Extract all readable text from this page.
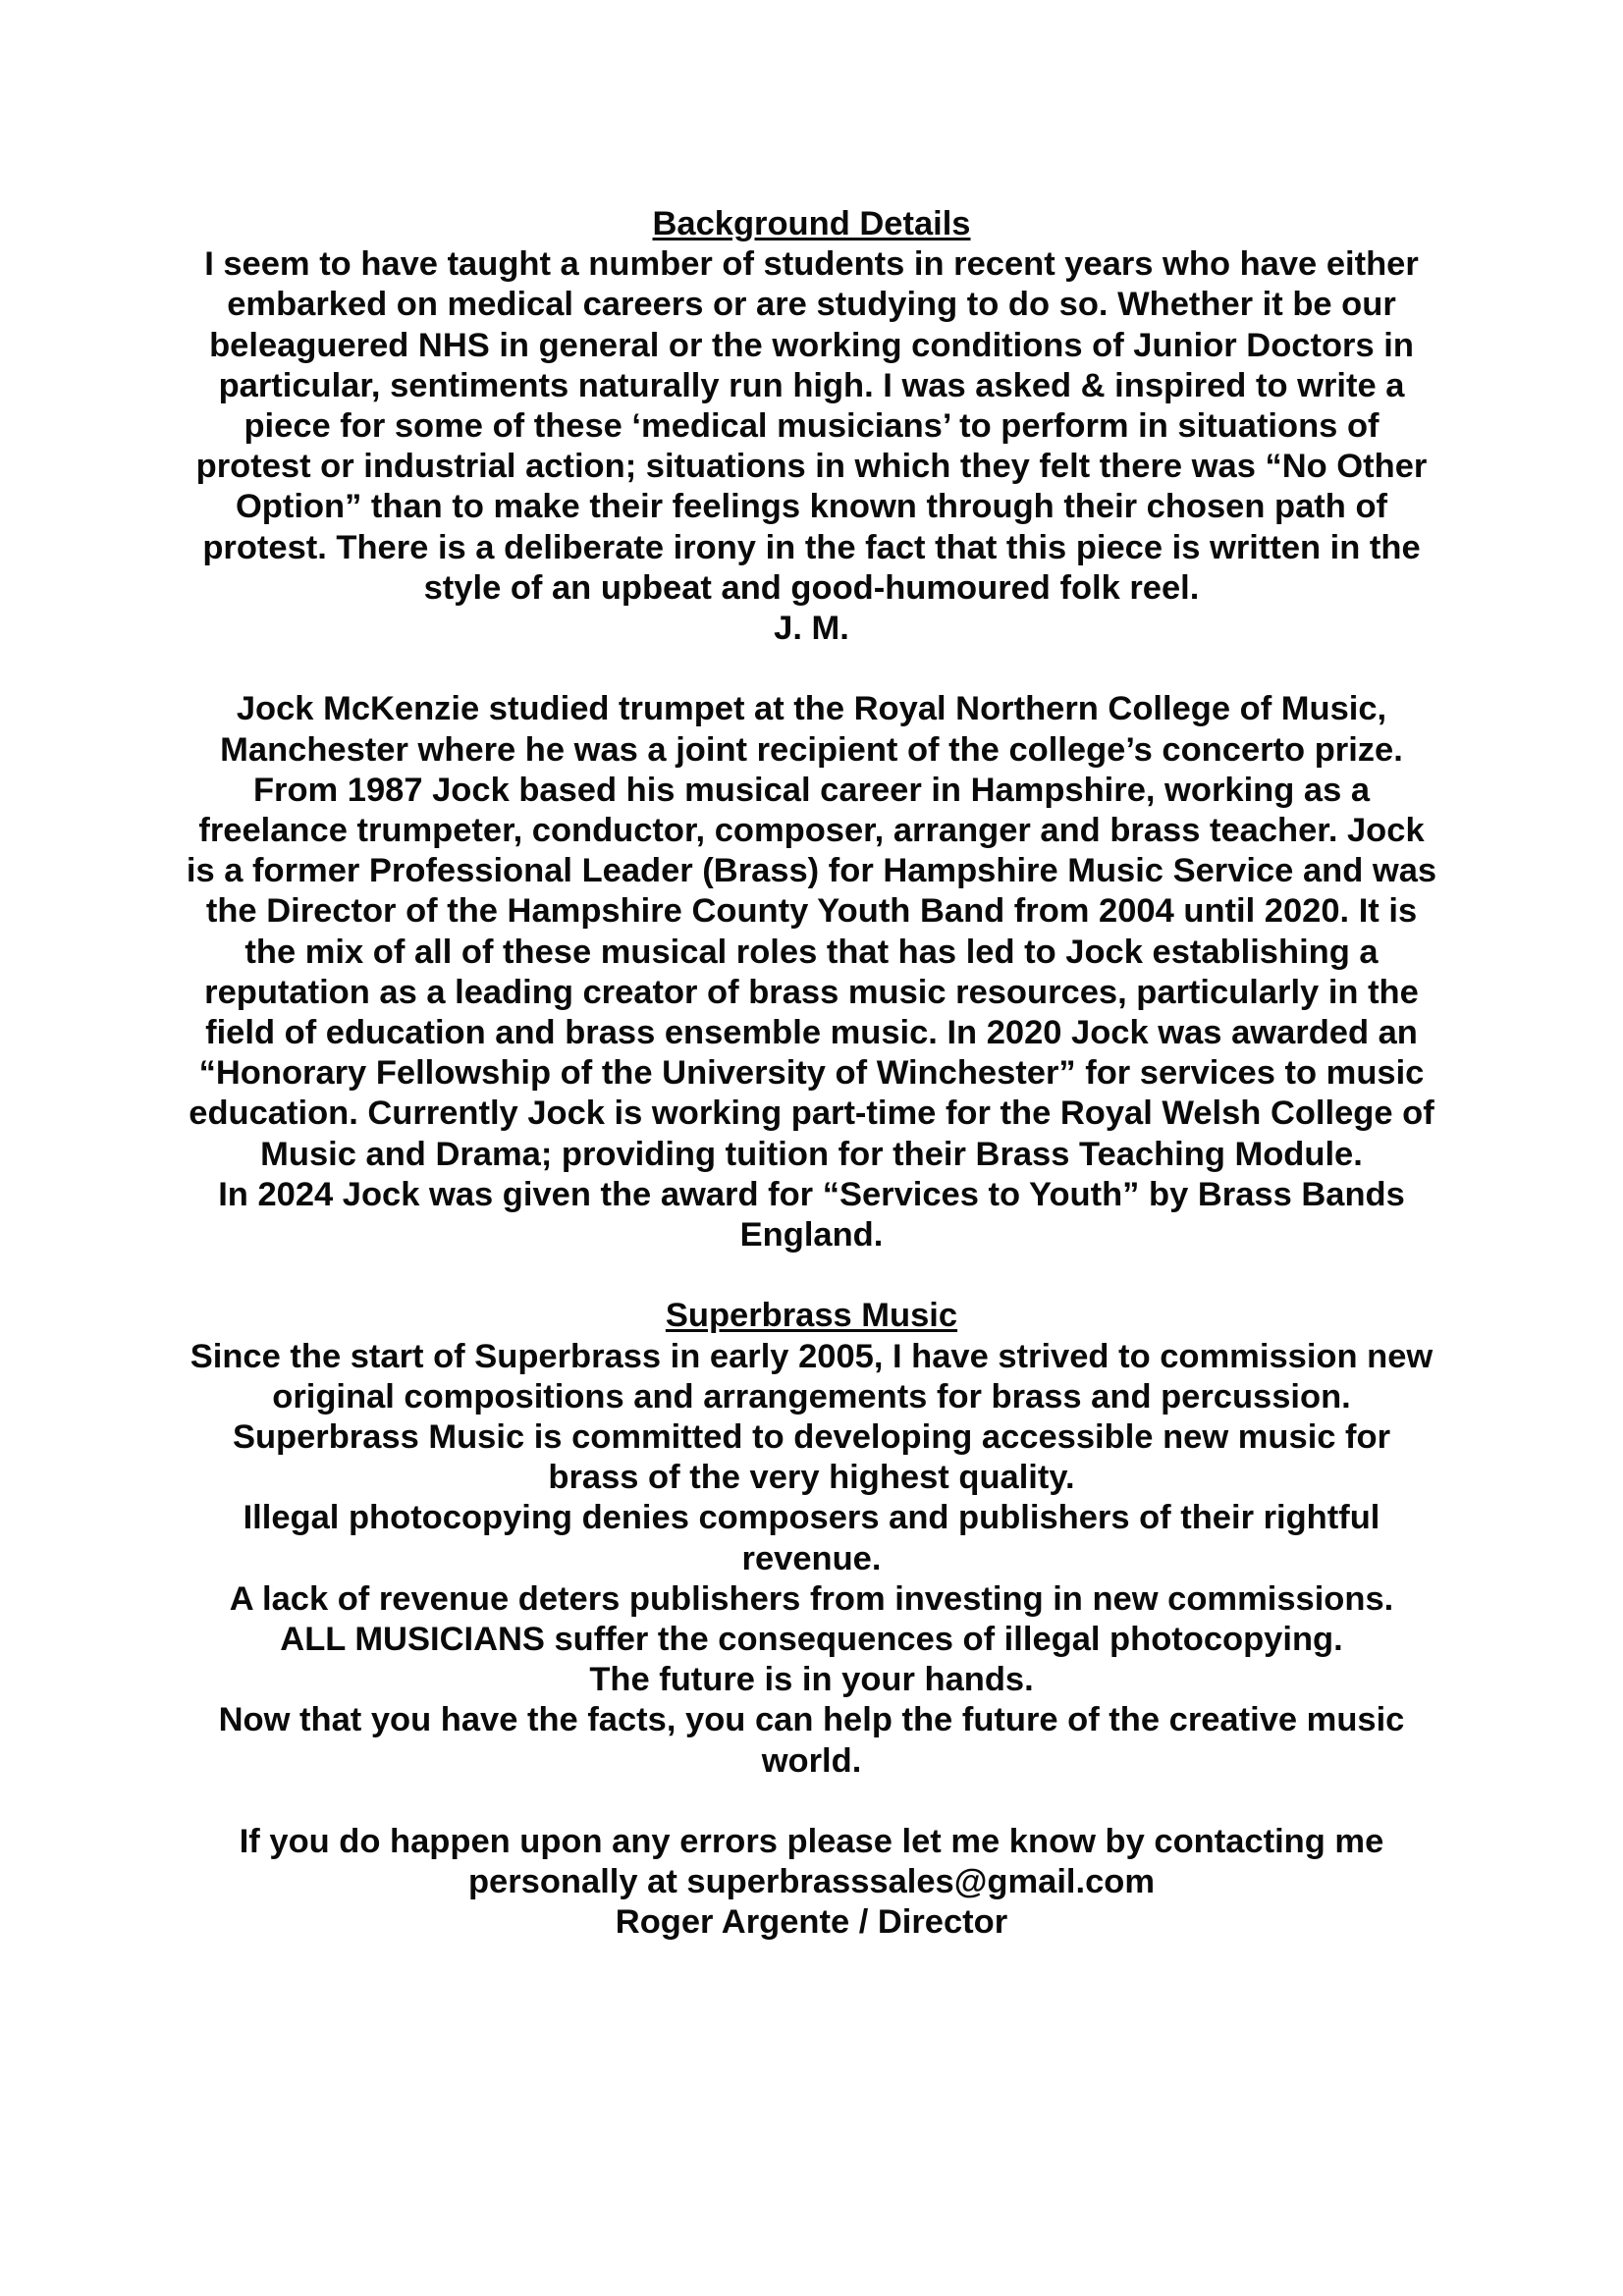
Background Details
I seem to have taught a number of students in recent years who have either
embarked on medical careers or are studying to do so. Whether it be our
beleaguered NHS in general or the working conditions of Junior Doctors in
particular, sentiments naturally run high. I was asked & inspired to write a
piece for some of these ‘medical musicians’ to perform in situations of
protest or industrial action; situations in which they felt there was “No Other
Option” than to make their feelings known through their chosen path of
protest. There is a deliberate irony in the fact that this piece is written in the
style of an upbeat and good-humoured folk reel.
J. M.
Jock McKenzie studied trumpet at the Royal Northern College of Music,
Manchester where he was a joint recipient of the college’s concerto prize.
From 1987 Jock based his musical career in Hampshire, working as a
freelance trumpeter, conductor, composer, arranger and brass teacher. Jock
is a former Professional Leader (Brass) for Hampshire Music Service and was
the Director of the Hampshire County Youth Band from 2004 until 2020. It is
the mix of all of these musical roles that has led to Jock establishing a
reputation as a leading creator of brass music resources, particularly in the
field of education and brass ensemble music. In 2020 Jock was awarded an
“Honorary Fellowship of the University of Winchester” for services to music
education. Currently Jock is working part-time for the Royal Welsh College of
Music and Drama; providing tuition for their Brass Teaching Module.
In 2024 Jock was given the award for “Services to Youth” by Brass Bands
England.
Superbrass Music
Since the start of Superbrass in early 2005, I have strived to commission new
original compositions and arrangements for brass and percussion.
Superbrass Music is committed to developing accessible new music for
brass of the very highest quality.
Illegal photocopying denies composers and publishers of their rightful
revenue.
A lack of revenue deters publishers from investing in new commissions.
ALL MUSICIANS suffer the consequences of illegal photocopying.
The future is in your hands.
Now that you have the facts, you can help the future of the creative music
world.
If you do happen upon any errors please let me know by contacting me
personally at superbrasssales@gmail.com
Roger Argente / Director
